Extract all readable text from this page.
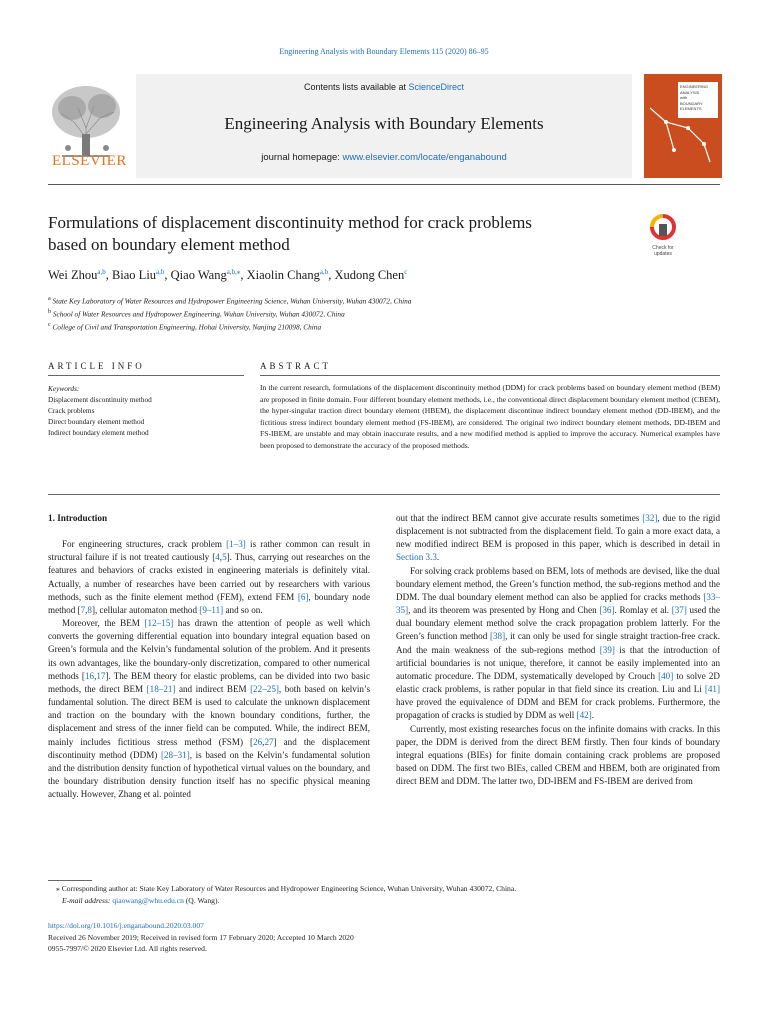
Engineering Analysis with Boundary Elements 115 (2020) 86–95
ELSEVIER
Contents lists available at ScienceDirect
Engineering Analysis with Boundary Elements
journal homepage: www.elsevier.com/locate/enganabound
ENGINEERING
ANALYSIS
with
BOUNDARY
ELEMENTS
Formulations of displacement discontinuity method for crack problems
based on boundary element method	Check for
updates
Wei Zhou$^{a,b}$, Biao Liu$^{a,b}$, Qiao Wang$^{a,b,⁎}$, Xiaolin Chang$^{a,b}$, Xudong Chen$^c$
$^a$ State Key Laboratory of Water Resources and Hydropower Engineering Science, Wuhan University, Wuhan 430072, China
$^b$ School of Water Resources and Hydropower Engineering, Wuhan University, Wuhan 430072, China
$^c$ College of Civil and Transportation Engineering, Hohai University, Nanjing 210098, China
ARTICLE INFO
Keywords:
Displacement discontinuity method
Crack problems
Direct boundary element method
Indirect boundary element method
ABSTRACT
In the current research, formulations of the displacement discontinuity method (DDM) for crack problems based on boundary element method (BEM) are proposed in finite domain. Four different boundary element methods, i.e., the conventional direct displacement boundary element method (CBEM), the hyper-singular traction direct boundary element (HBEM), the displacement discontinue indirect boundary element method (DD-IBEM), and the fictitious stress indirect boundary element method (FS-IBEM), are considered. The original two indirect boundary element methods, DD-IBEM and FS-IBEM, are unstable and may obtain inaccurate results, and a new modified method is applied to improve the accuracy. Numerical examples have been proposed to demonstrate the accuracy of the proposed methods.
1. Introduction

For engineering structures, crack problem [1–3] is rather common can result in structural failure if is not treated cautiously [4,5]. Thus, carrying out researches on the features and behaviors of cracks existed in engineering materials is definitely vital. Actually, a number of researches have been carried out by researchers with various methods, such as the finite element method (FEM), extend FEM [6], boundary node method [7,8], cellular automaton method [9–11] and so on.

Moreover, the BEM [12–15] has drawn the attention of people as well which converts the governing differential equation into boundary integral equation based on Green’s formula and the Kelvin’s fundamental solution of the problem. And it presents its own advantages, like the boundary-only discretization, compared to other numerical methods [16,17]. The BEM theory for elastic problems, can be divided into two basic methods, the direct BEM [18–21] and indirect BEM [22–25], both based on kelvin’s fundamental solution. The direct BEM is used to calculate the unknown displacement and traction on the boundary with the known boundary conditions, further, the displacement and stress of the inner field can be computed. While, the indirect BEM, mainly includes fictitious stress method (FSM) [26,27] and the displacement discontinuity method (DDM) [28–31], is based on the Kelvin’s fundamental solution and the distribution density function of hypothetical virtual values on the boundary, and the boundary distribution density function itself has no specific physical meaning actually. However, Zhang et al. pointed

out that the indirect BEM cannot give accurate results sometimes [32], due to the rigid displacement is not subtracted from the displacement field. To gain a more exact data, a new modified indirect BEM is proposed in this paper, which is described in detail in Section 3.3.

For solving crack problems based on BEM, lots of methods are devised, like the dual boundary element method, the Green’s function method, the sub-regions method and the DDM. The dual boundary element method can also be applied for cracks methods [33–35], and its theorem was presented by Hong and Chen [36]. Romlay et al. [37] used the dual boundary element method solve the crack propagation problem latterly. For the Green’s function method [38], it can only be used for single straight traction-free crack. And the main weakness of the sub-regions method [39] is that the introduction of artificial boundaries is not unique, therefore, it cannot be easily implemented into an automatic procedure. The DDM, systematically developed by Crouch [40] to solve 2D elastic crack problems, is rather popular in that field since its creation. Liu and Li [41] have proved the equivalence of DDM and BEM for crack problems. Furthermore, the propagation of cracks is studied by DDM as well [42].

Currently, most existing researches focus on the infinite domains with cracks. In this paper, the DDM is derived from the direct BEM firstly. Then four kinds of boundary integral equations (BIEs) for finite domain containing crack problems are proposed based on DDM. The first two BIEs, called CBEM and HBEM, both are originated from direct BEM and DDM. The latter two, DD-IBEM and FS-IBEM are derived from

⁎ Corresponding author at: State Key Laboratory of Water Resources and Hydropower Engineering Science, Wuhan University, Wuhan 430072, China.
E-mail address: qiaowang@whu.edu.cn (Q. Wang).
https://doi.org/10.1016/j.enganabound.2020.03.007
Received 26 November 2019; Received in revised form 17 February 2020; Accepted 10 March 2020
0955-7997/© 2020 Elsevier Ltd. All rights reserved.
